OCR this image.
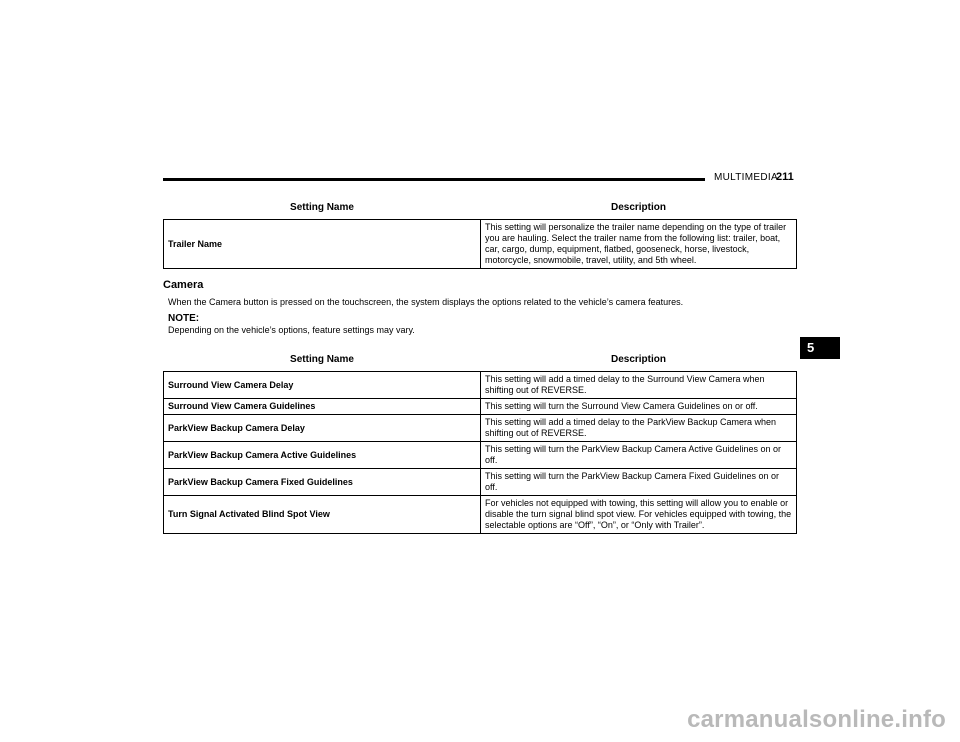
MULTIMEDIA
211
Setting Name	Description
Trailer Name	This setting will personalize the trailer name depending on the type of trailer you are hauling. Select the trailer name from the following list: trailer, boat, car, cargo, dump, equipment, flatbed, gooseneck, horse, livestock, motorcycle, snowmobile, travel, utility, and 5th wheel.
Camera
When the Camera button is pressed on the touchscreen, the system displays the options related to the vehicle’s camera features.
NOTE:
Depending on the vehicle’s options, feature settings may vary.
Setting Name	Description
Surround View Camera Delay	This setting will add a timed delay to the Surround View Camera when shifting out of REVERSE.
Surround View Camera Guidelines	This setting will turn the Surround View Camera Guidelines on or off.
ParkView Backup Camera Delay	This setting will add a timed delay to the ParkView Backup Camera when shifting out of REVERSE.
ParkView Backup Camera Active Guidelines	This setting will turn the ParkView Backup Camera Active Guidelines on or off.
ParkView Backup Camera Fixed Guidelines	This setting will turn the ParkView Backup Camera Fixed Guidelines on or off.
Turn Signal Activated Blind Spot View	For vehicles not equipped with towing, this setting will allow you to enable or disable the turn signal blind spot view. For vehicles equipped with towing, the selectable options are “Off”, “On”, or “Only with Trailer”.
5
carmanualsonline.info
